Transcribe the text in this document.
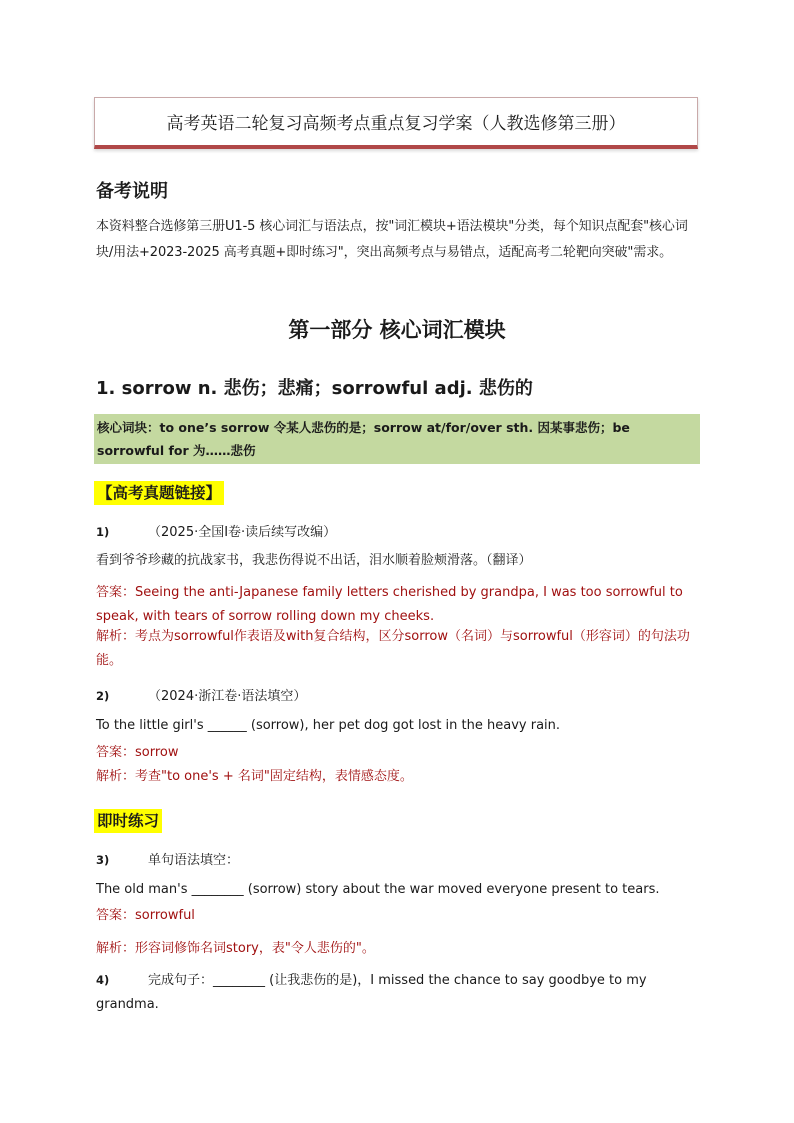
高考英语二轮复习高频考点重点复习学案（人教选修第三册）
备考说明
本资料整合选修第三册U1-5 核心词汇与语法点，按"词汇模块+语法模块"分类，每个知识点配套"核心词块/用法+2023-2025 高考真题+即时练习"，突出高频考点与易错点，适配高考二轮靶向突破"需求。
第一部分 核心词汇模块
1. sorrow n. 悲伤；悲痛；sorrowful adj. 悲伤的
核心词块：to one’s sorrow 令某人悲伤的是；sorrow at/for/over sth. 因某事悲伤；be sorrowful for 为……悲伤
【高考真题链接】
1)	（2025·全国Ⅰ卷·读后续写改编）
看到爷爷珍藏的抗战家书，我悲伤得说不出话，泪水顺着脸颊滑落。（翻译）
答案：Seeing the anti-Japanese family letters cherished by grandpa, I was too sorrowful to speak, with tears of sorrow rolling down my cheeks.
解析：考点为sorrowful作表语及with复合结构，区分sorrow（名词）与sorrowful（形容词）的句法功能。
2)	（2024·浙江卷·语法填空）
To the little girl's ______ (sorrow), her pet dog got lost in the heavy rain.
答案：sorrow
解析：考查"to one's + 名词"固定结构，表情感态度。
即时练习
3)	单句语法填空：
The old man's ________ (sorrow) story about the war moved everyone present to tears.
答案：sorrowful
解析：形容词修饰名词story，表"令人悲伤的"。
4)	完成句子：________ (让我悲伤的是)，I missed the chance to say goodbye to my grandma.
